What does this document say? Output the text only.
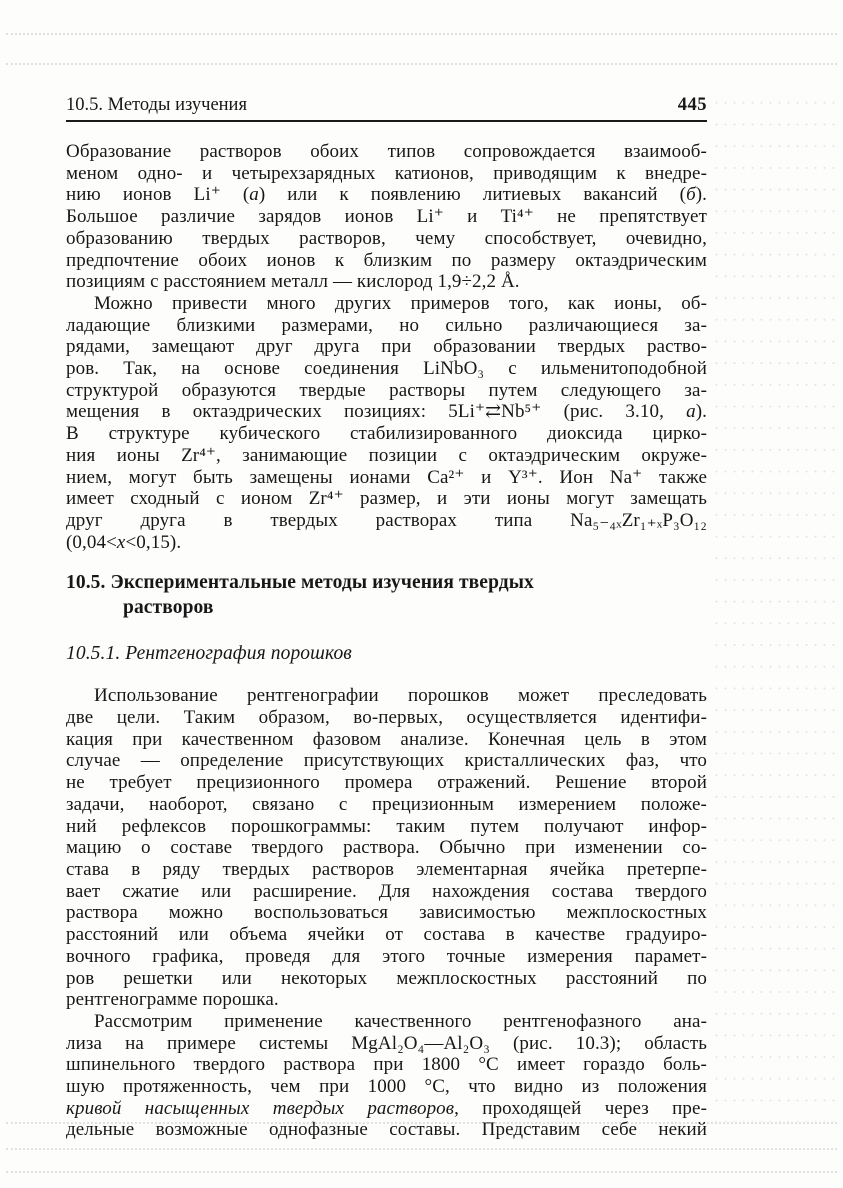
10.5. Методы изучения	445
Образование растворов обоих типов сопровождается взаимооб-
меном одно- и четырехзарядных катионов, приводящим к внедре-
нию ионов Li⁺ (а) или к появлению литиевых вакансий (б).
Большое различие зарядов ионов Li⁺ и Ti⁴⁺ не препятствует
образованию твердых растворов, чему способствует, очевидно,
предпочтение обоих ионов к близким по размеру октаэдрическим
позициям с расстоянием металл — кислород 1,9÷2,2 Å.
Можно привести много других примеров того, как ионы, об-
ладающие близкими размерами, но сильно различающиеся за-
рядами, замещают друг друга при образовании твердых раство-
ров. Так, на основе соединения LiNbO₃ с ильменитоподобной
структурой образуются твердые растворы путем следующего за-
мещения в октаэдрических позициях: 5Li⁺⇄Nb⁵⁺ (рис. 3.10, а).
В структуре кубического стабилизированного диоксида цирко-
ния ионы Zr⁴⁺, занимающие позиции с октаэдрическим окруже-
нием, могут быть замещены ионами Ca²⁺ и Y³⁺. Ион Na⁺ также
имеет сходный с ионом Zr⁴⁺ размер, и эти ионы могут замещать
друг друга в твердых растворах типа Na₅₋₄ₓZr₁₊ₓP₃O₁₂
(0,04<x<0,15).
10.5. Экспериментальные методы изучения твердых
растворов
10.5.1. Рентгенография порошков
Использование рентгенографии порошков может преследовать
две цели. Таким образом, во-первых, осуществляется идентифи-
кация при качественном фазовом анализе. Конечная цель в этом
случае — определение присутствующих кристаллических фаз, что
не требует прецизионного промера отражений. Решение второй
задачи, наоборот, связано с прецизионным измерением положе-
ний рефлексов порошкограммы: таким путем получают инфор-
мацию о составе твердого раствора. Обычно при изменении со-
става в ряду твердых растворов элементарная ячейка претерпе-
вает сжатие или расширение. Для нахождения состава твердого
раствора можно воспользоваться зависимостью межплоскостных
расстояний или объема ячейки от состава в качестве градуиро-
вочного графика, проведя для этого точные измерения парамет-
ров решетки или некоторых межплоскостных расстояний по
рентгенограмме порошка.
Рассмотрим применение качественного рентгенофазного ана-
лиза на примере системы MgAl₂O₄—Al₂O₃ (рис. 10.3); область
шпинельного твердого раствора при 1800 °C имеет гораздо боль-
шую протяженность, чем при 1000 °C, что видно из положения
кривой насыщенных твердых растворов, проходящей через пре-
дельные возможные однофазные составы. Представим себе некий
